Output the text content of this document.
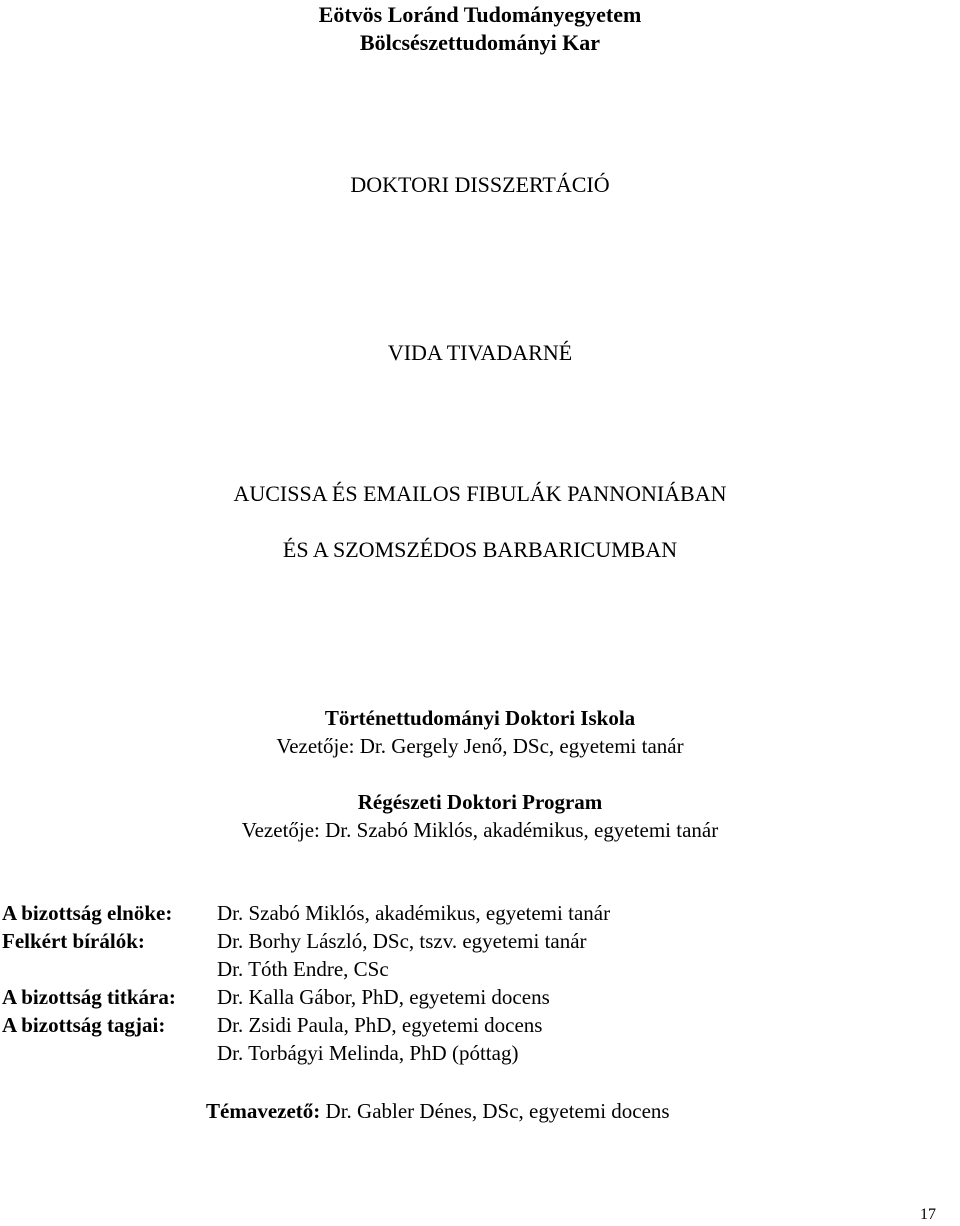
Eötvös Loránd Tudományegyetem
Bölcsészettudományi Kar
DOKTORI DISSZERTÁCIÓ
VIDA TIVADARNÉ
AUCISSA ÉS EMAILOS FIBULÁK PANNONIÁBAN
ÉS A SZOMSZÉDOS BARBARICUMBAN
Történettudományi Doktori Iskola
Vezetője: Dr. Gergely Jenő, DSc, egyetemi tanár
Régészeti Doktori Program
Vezetője: Dr. Szabó Miklós, akadémikus, egyetemi tanár
A bizottság elnöke: Dr. Szabó Miklós, akadémikus, egyetemi tanár
Felkért bírálók:	Dr. Borhy László, DSc, tszv. egyetemi tanár
Dr. Tóth Endre, CSc
A bizottság titkára: Dr. Kalla Gábor, PhD, egyetemi docens
A bizottság tagjai: Dr. Zsidi Paula, PhD, egyetemi docens
Dr. Torbágyi Melinda, PhD (póttag)
Témavezető: Dr. Gabler Dénes, DSc, egyetemi docens
17
